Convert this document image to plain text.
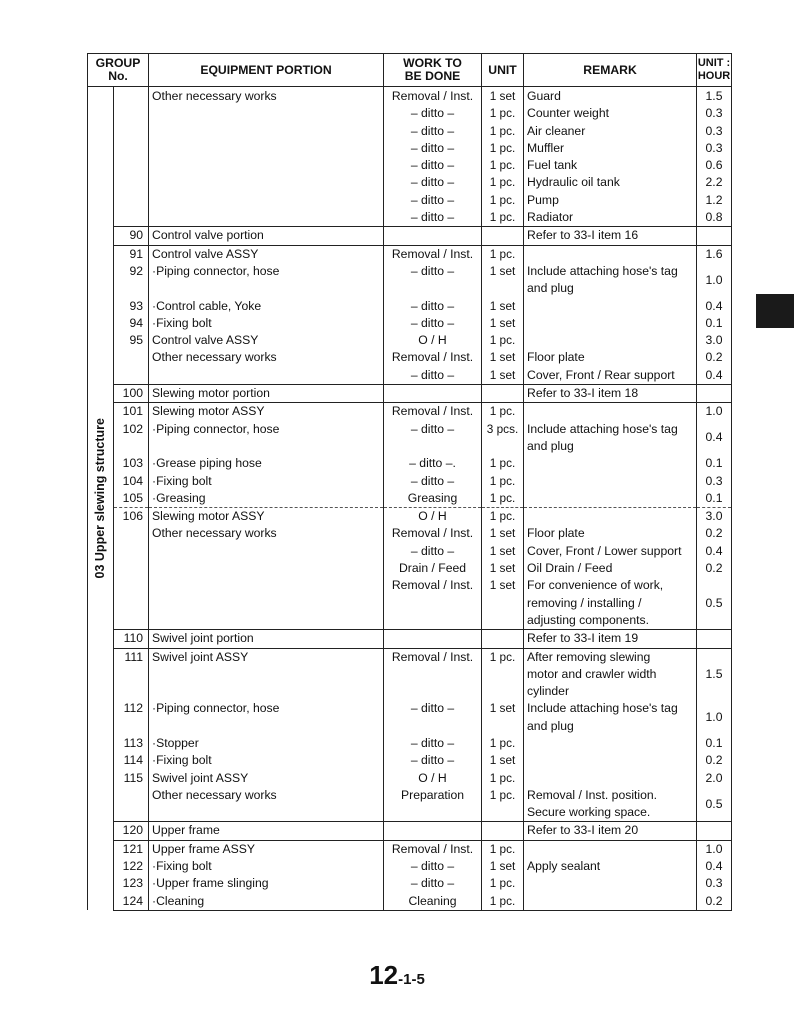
GROUP
No.		EQUIPMENT PORTION	WORK TO
BE DONE	UNIT	REMARK	UNIT :
HOUR

03 Upper slewing structure		Other necessary works	Removal / Inst.	1 set	Guard	1.5
			– ditto –	1 pc.	Counter weight	0.3
			– ditto –	1 pc.	Air cleaner	0.3
			– ditto –	1 pc.	Muffler	0.3
			– ditto –	1 pc.	Fuel tank	0.6
			– ditto –	1 pc.	Hydraulic oil tank	2.2
			– ditto –	1 pc.	Pump	1.2
			– ditto –	1 pc.	Radiator	0.8
	90	Control valve portion			Refer to 33-I item 16	
	91	Control valve ASSY	Removal / Inst.	1 pc.		1.6
	92	·Piping connector, hose	– ditto –	1 set	Include attaching hose's tag
and plug	1.0
	93	·Control cable, Yoke	– ditto –	1 set		0.4
	94	·Fixing bolt	– ditto –	1 set		0.1
	95	Control valve ASSY	O / H	1 pc.		3.0
		Other necessary works	Removal / Inst.	1 set	Floor plate	0.2
			– ditto –	1 set	Cover, Front / Rear support	0.4
	100	Slewing motor portion			Refer to 33-I item 18	
	101	Slewing motor ASSY	Removal / Inst.	1 pc.		1.0
	102	·Piping connector, hose	– ditto –	3 pcs.	Include attaching hose's tag
and plug	0.4
	103	·Grease piping hose	– ditto –.	1 pc.		0.1
	104	·Fixing bolt	– ditto –	1 pc.		0.3
	105	·Greasing	Greasing	1 pc.		0.1
	106	Slewing motor ASSY	O / H	1 pc.		3.0
		Other necessary works	Removal / Inst.	1 set	Floor plate	0.2
			– ditto –	1 set	Cover, Front / Lower support	0.4
			Drain / Feed	1 set	Oil Drain / Feed	0.2
			Removal / Inst.	1 set	For convenience of work,
removing / installing /
adjusting components.	0.5
	110	Swivel joint portion			Refer to 33-I item 19	
	111	Swivel joint ASSY	Removal / Inst.	1 pc.	After removing slewing
motor and crawler width
cylinder	1.5
	112	·Piping connector, hose	– ditto –	1 set	Include attaching hose's tag
and plug	1.0
	113	·Stopper	– ditto –	1 pc.		0.1
	114	·Fixing bolt	– ditto –	1 set		0.2
	115	Swivel joint ASSY	O / H	1 pc.		2.0
		Other necessary works	Preparation	1 pc.	Removal / Inst. position.
Secure working space.	0.5
	120	Upper frame			Refer to 33-I item 20	
	121	Upper frame ASSY	Removal / Inst.	1 pc.		1.0
	122	·Fixing bolt	– ditto –	1 set	Apply sealant	0.4
	123	·Upper frame slinging	– ditto –	1 pc.		0.3
	124	·Cleaning	Cleaning	1 pc.		0.2
12-1-5
